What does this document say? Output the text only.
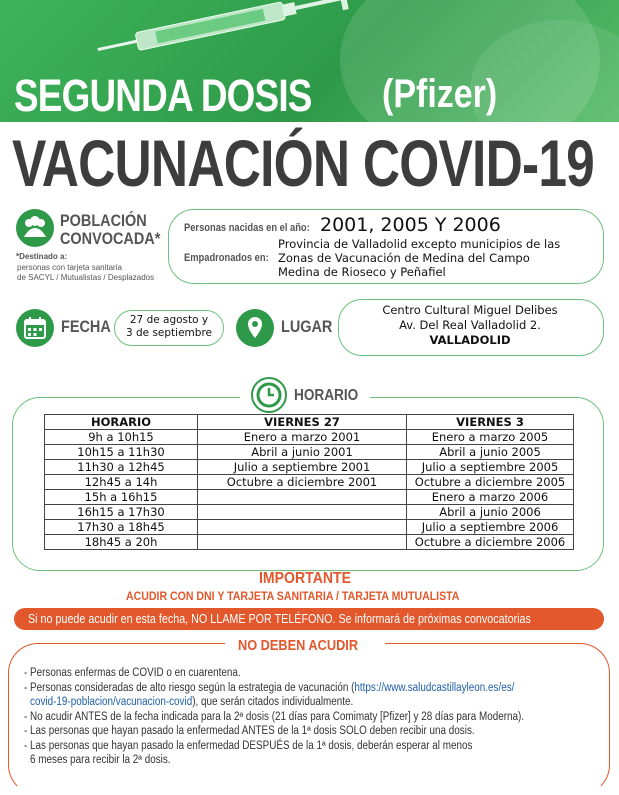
SEGUNDA DOSIS (Pfizer)
VACUNACIÓN COVID-19
POBLACIÓN
CONVOCADA*
*Destinado a:
personas con tarjeta sanitaria
de SACYL / Mutualistas / Desplazados
Personas nacidas en el año: 2001, 2005 Y 2006
Empadronados en:
Provincia de Valladolid excepto municipios de las
Zonas de Vacunación de Medina del Campo
Medina de Rioseco y Peñafiel
FECHA	27 de agosto y
3 de septiembre	LUGAR
Centro Cultural Miguel Delibes
Av. Del Real Valladolid 2.
VALLADOLID
HORARIO
HORARIO	VIERNES 27	VIERNES 3
9h a 10h15	Enero a marzo 2001	Enero a marzo 2005
10h15 a 11h30	Abril a junio 2001	Abril a junio 2005
11h30 a 12h45	Julio a septiembre 2001	Julio a septiembre 2005
12h45 a 14h	Octubre a diciembre 2001	Octubre a diciembre 2005
15h a 16h15		Enero a marzo 2006
16h15 a 17h30		Abril a junio 2006
17h30 a 18h45		Julio a septiembre 2006
18h45 a 20h		Octubre a diciembre 2006
IMPORTANTE
ACUDIR CON DNI Y TARJETA SANITARIA / TARJETA MUTUALISTA
Si no puede acudir en esta fecha, NO LLAME POR TELÉFONO. Se informará de próximas convocatorias
NO DEBEN ACUDIR
- Personas enfermas de COVID o en cuarentena.
- Personas consideradas de alto riesgo según la estrategia de vacunación (https://www.saludcastillayleon.es/es/
covid-19-poblacion/vacunacion-covid), que serán citados individualmente.
- No acudir ANTES de la fecha indicada para la 2ª dosis (21 días para Comimaty [Pfizer] y 28 días para Moderna).
- Las personas que hayan pasado la enfermedad ANTES de la 1ª dosis SOLO deben recibir una dosis.
- Las personas que hayan pasado la enfermedad DESPUÉS de la 1ª dosis, deberán esperar al menos
6 meses para recibir la 2ª dosis.
